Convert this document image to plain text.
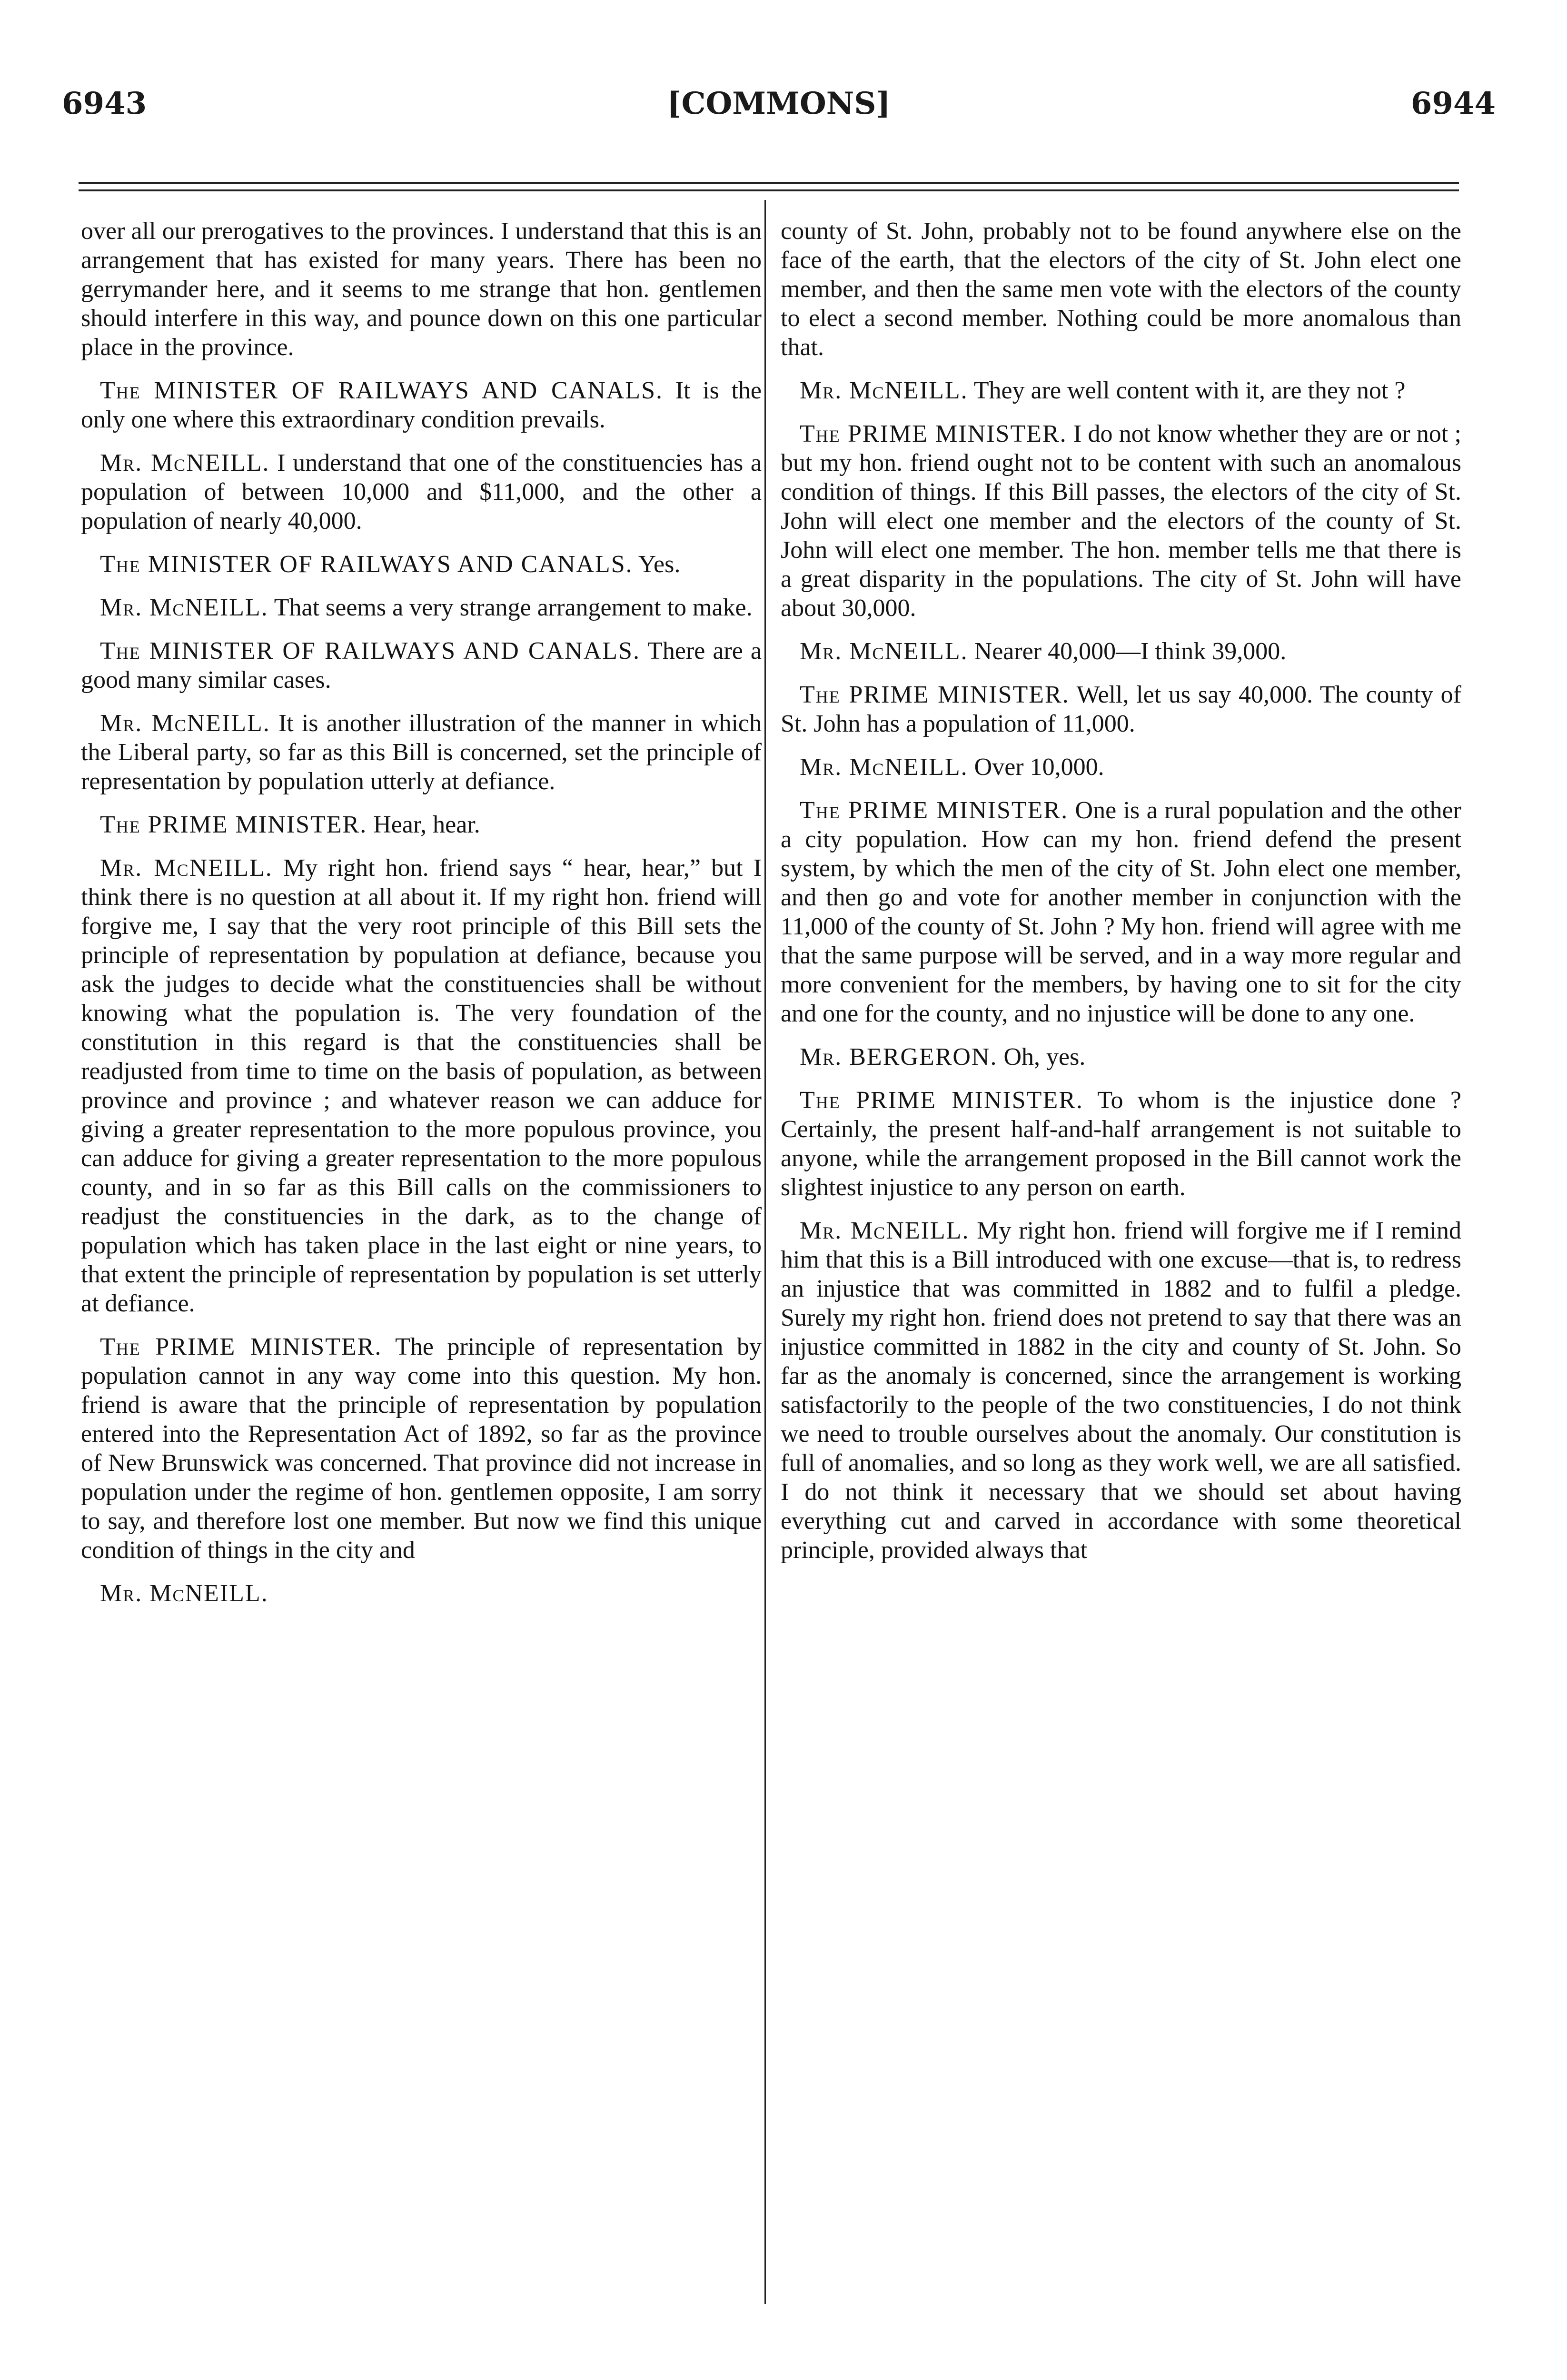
6943	[COMMONS]	6944

over all our prerogatives to the provinces. I understand that this is an arrangement that has existed for many years. There has been no gerrymander here, and it seems to me strange that hon. gentlemen should interfere in this way, and pounce down on this one particular place in the province.

The MINISTER OF RAILWAYS AND CANALS. It is the only one where this extraordinary condition prevails.

Mr. McNEILL. I understand that one of the constituencies has a population of between 10,000 and $11,000, and the other a population of nearly 40,000.

The MINISTER OF RAILWAYS AND CANALS. Yes.

Mr. McNEILL. That seems a very strange arrangement to make.

The MINISTER OF RAILWAYS AND CANALS. There are a good many similar cases.

Mr. McNEILL. It is another illustration of the manner in which the Liberal party, so far as this Bill is concerned, set the principle of representation by population utterly at defiance.

The PRIME MINISTER. Hear, hear.

Mr. McNEILL. My right hon. friend says “ hear, hear,” but I think there is no question at all about it. If my right hon. friend will forgive me, I say that the very root principle of this Bill sets the principle of representation by population at defiance, because you ask the judges to decide what the constituencies shall be without knowing what the population is. The very foundation of the constitution in this regard is that the constituencies shall be readjusted from time to time on the basis of population, as between province and province ; and whatever reason we can adduce for giving a greater representation to the more populous province, you can adduce for giving a greater representation to the more populous county, and in so far as this Bill calls on the commissioners to readjust the constituencies in the dark, as to the change of population which has taken place in the last eight or nine years, to that extent the principle of representation by population is set utterly at defiance.

The PRIME MINISTER. The principle of representation by population cannot in any way come into this question. My hon. friend is aware that the principle of representation by population entered into the Representation Act of 1892, so far as the province of New Brunswick was concerned. That province did not increase in population under the regime of hon. gentlemen opposite, I am sorry to say, and therefore lost one member. But now we find this unique condition of things in the city and

Mr. McNEILL.

county of St. John, probably not to be found anywhere else on the face of the earth, that the electors of the city of St. John elect one member, and then the same men vote with the electors of the county to elect a second member. Nothing could be more anomalous than that.

Mr. McNEILL. They are well content with it, are they not ?

The PRIME MINISTER. I do not know whether they are or not ; but my hon. friend ought not to be content with such an anomalous condition of things. If this Bill passes, the electors of the city of St. John will elect one member and the electors of the county of St. John will elect one member. The hon. member tells me that there is a great disparity in the populations. The city of St. John will have about 30,000.

Mr. McNEILL. Nearer 40,000—I think 39,000.

The PRIME MINISTER. Well, let us say 40,000. The county of St. John has a population of 11,000.

Mr. McNEILL. Over 10,000.

The PRIME MINISTER. One is a rural population and the other a city population. How can my hon. friend defend the present system, by which the men of the city of St. John elect one member, and then go and vote for another member in conjunction with the 11,000 of the county of St. John ? My hon. friend will agree with me that the same purpose will be served, and in a way more regular and more convenient for the members, by having one to sit for the city and one for the county, and no injustice will be done to any one.

Mr. BERGERON. Oh, yes.

The PRIME MINISTER. To whom is the injustice done ? Certainly, the present half-and-half arrangement is not suitable to anyone, while the arrangement proposed in the Bill cannot work the slightest injustice to any person on earth.

Mr. McNEILL. My right hon. friend will forgive me if I remind him that this is a Bill introduced with one excuse—that is, to redress an injustice that was committed in 1882 and to fulfil a pledge. Surely my right hon. friend does not pretend to say that there was an injustice committed in 1882 in the city and county of St. John. So far as the anomaly is concerned, since the arrangement is working satisfactorily to the people of the two constituencies, I do not think we need to trouble ourselves about the anomaly. Our constitution is full of anomalies, and so long as they work well, we are all satisfied. I do not think it necessary that we should set about having everything cut and carved in accordance with some theoretical principle, provided always that
